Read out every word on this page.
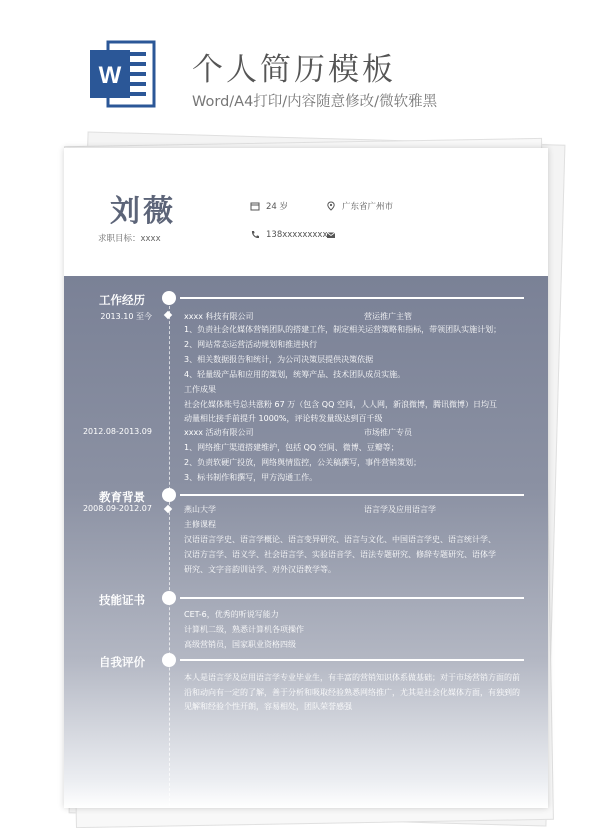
W 个人简历模板
Word/A4打印/内容随意修改/微软雅黑
刘薇
求职目标：xxxx
24 岁	广东省广州市
138xxxxxxxxx
工作经历
2013.10 至今	xxxx 科技有限公司	营运推广主管
1、负责社会化媒体营销团队的搭建工作，制定相关运营策略和指标，带领团队实施计划；
2、网站常态运营活动规划和推进执行
3、相关数据报告和统计，为公司决策层提供决策依据
4、轻量级产品和应用的策划，统筹产品、技术团队成员实施。
工作成果
社会化媒体账号总共涨粉 67 万（包含 QQ 空间，人人网，新浪微博，腾讯微博）日均互
动量相比接手前提升 1000%，评论转发量级达到百千级
2012.08-2013.09	xxxx 活动有限公司	市场推广专员
1、网络推广渠道搭建维护，包括 QQ 空间、微博、豆瓣等；
2、负责软硬广投放，网络舆情监控，公关稿撰写，事件营销策划；
3、标书制作和撰写，甲方沟通工作。
教育背景
2008.09-2012.07	燕山大学	语言学及应用语言学
主修课程
汉语语言学史、语言学概论、语言变异研究、语言与文化、中国语言学史、语言统计学、
汉语方言学、语义学、社会语言学、实验语音学、语法专题研究、修辞专题研究、语体学
研究、文字音韵训诂学、对外汉语教学等。
技能证书
CET-6，优秀的听说写能力
计算机二级，熟悉计算机各项操作
高级营销员，国家职业资格四级
自我评价
本人是语言学及应用语言学专业毕业生，有丰富的营销知识体系做基础；对于市场营销方面的前沿和动向有一定的了解，善于分析和吸取经验熟悉网络推广，尤其是社会化媒体方面，有独到的见解和经验个性开朗，容易相处，团队荣誉感强
